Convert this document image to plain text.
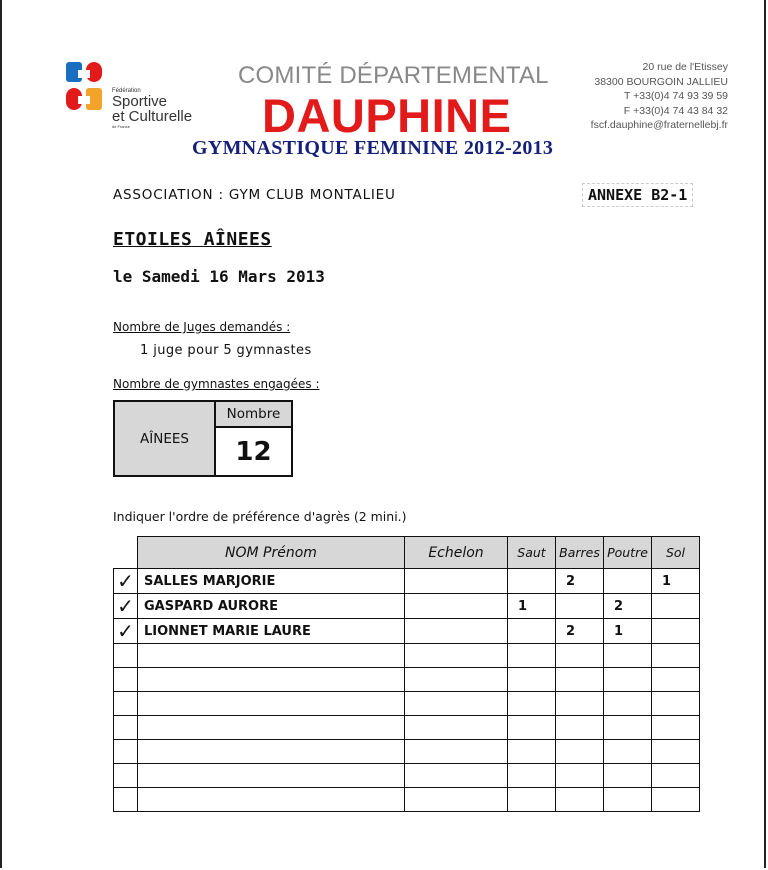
Fédération
Sportive
et Culturelle
de France
COMITÉ DÉPARTEMENTAL
DAUPHINE
GYMNASTIQUE FEMININE 2012-2013
20 rue de l'Etissey
38300 BOURGOIN JALLIEU
T +33(0)4 74 93 39 59
F +33(0)4 74 43 84 32
fscf.dauphine@fraternellebj.fr
ASSOCIATION : GYM CLUB MONTALIEU	ANNEXE B2-1
ETOILES AÎNEES
le Samedi 16 Mars 2013
Nombre de Juges demandés :
1 juge pour 5 gymnastes
Nombre de gymnastes engagées :
AÎNEES
Nombre
12
Indiquer l'ordre de préférence d'agrès (2 mini.)
	NOM Prénom	Echelon	Saut	Barres	Poutre	Sol
✓	SALLES MARJORIE			2		1
✓	GASPARD AURORE		1		2	
✓	LIONNET MARIE LAURE			2	1	
